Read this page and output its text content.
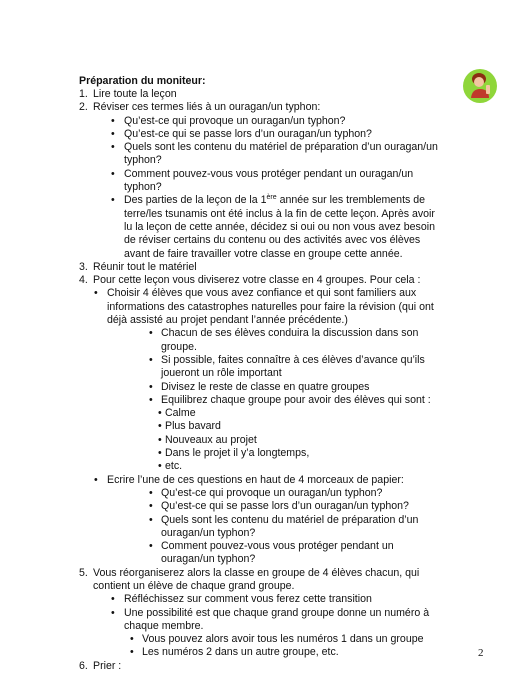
Préparation du moniteur:
1. Lire toute la leçon
2. Réviser ces termes liés à un ouragan/un typhon:
• Qu’est-ce qui provoque un ouragan/un typhon?
• Qu’est-ce qui se passe lors d’un ouragan/un typhon?
• Quels sont les contenu du matériel de préparation d’un ouragan/un typhon?
• Comment pouvez-vous vous protéger pendant un ouragan/un typhon?
• Des parties de la leçon de la 1ère année sur les tremblements de terre/les tsunamis ont été inclus à la fin de cette leçon. Après avoir lu la leçon de cette année, décidez si oui ou non vous avez besoin de réviser certains du contenu ou des activités avec vos élèves avant de faire travailler votre classe en groupe cette année.
3. Réunir tout le matériel
4. Pour cette leçon vous diviserez votre classe en 4 groupes. Pour cela :
• Choisir 4 élèves que vous avez confiance et qui sont familiers aux informations des catastrophes naturelles pour faire la révision (qui ont déjà assisté au projet pendant l’année précédente.)
• Chacun de ses élèves conduira la discussion dans son groupe.
• Si possible, faites connaître à ces élèves d’avance qu’ils joueront un rôle important
• Divisez le reste de classe en quatre groupes
• Equilibrez chaque groupe pour avoir des élèves qui sont :
• Calme
• Plus bavard
• Nouveaux au projet
• Dans le projet il y’a longtemps,
• etc.
• Ecrire l’une de ces questions en haut de 4 morceaux de papier:
• Qu’est-ce qui provoque un ouragan/un typhon?
• Qu’est-ce qui se passe lors d’un ouragan/un typhon?
• Quels sont les contenu du matériel de préparation d’un ouragan/un typhon?
• Comment pouvez-vous vous protéger pendant un ouragan/un typhon?
5. Vous réorganiserez alors la classe en groupe de 4 élèves chacun, qui contient un élève de chaque grand groupe.
• Réfléchissez sur comment vous ferez cette transition
• Une possibilité est que chaque grand groupe donne un numéro à chaque membre.
• Vous pouvez alors avoir tous les numéros 1 dans un groupe
• Les numéros 2 dans un autre groupe, etc.
6. Prier :
2
